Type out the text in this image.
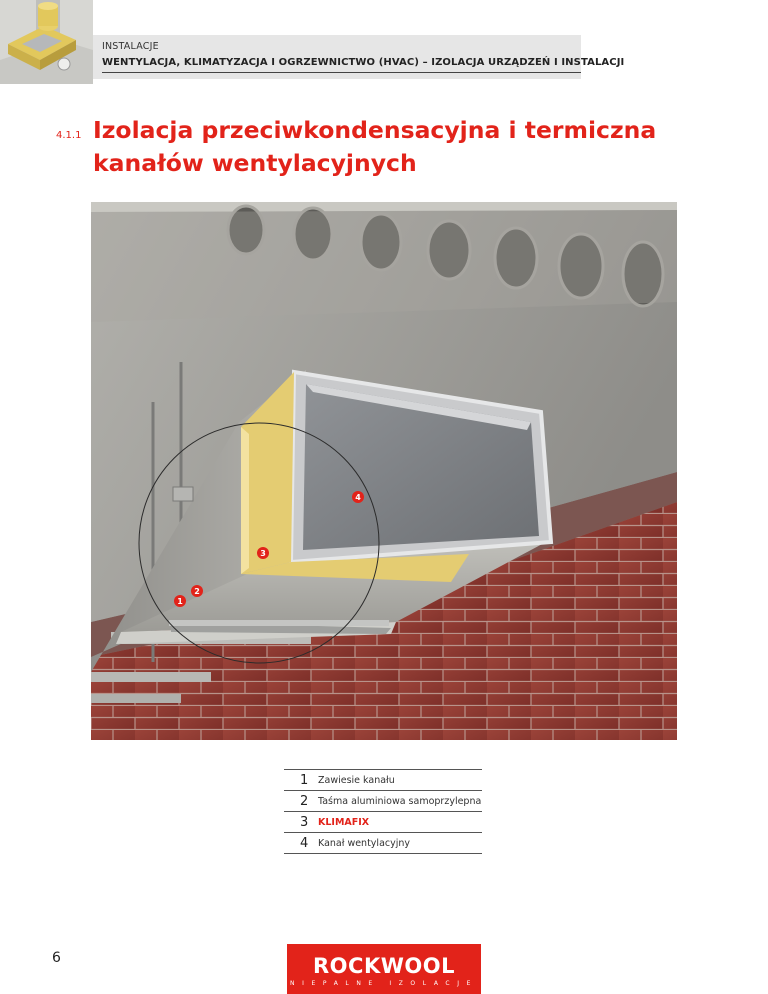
INSTALACJE
WENTYLACJA, KLIMATYZACJA I OGRZEWNICTWO (HVAC) – IZOLACJA URZĄDZEŃ I INSTALACJI
4.1.1 Izolacja przeciwkondensacyjna i termiczna
kanałów wentylacyjnych
1
2
3
4
1	Zawiesie kanału
2	Taśma aluminiowa samoprzylepna
3	KLIMAFIX
4	Kanał wentylacyjny
6	ROCKWOOL
NIEPALNE IZOLACJE
